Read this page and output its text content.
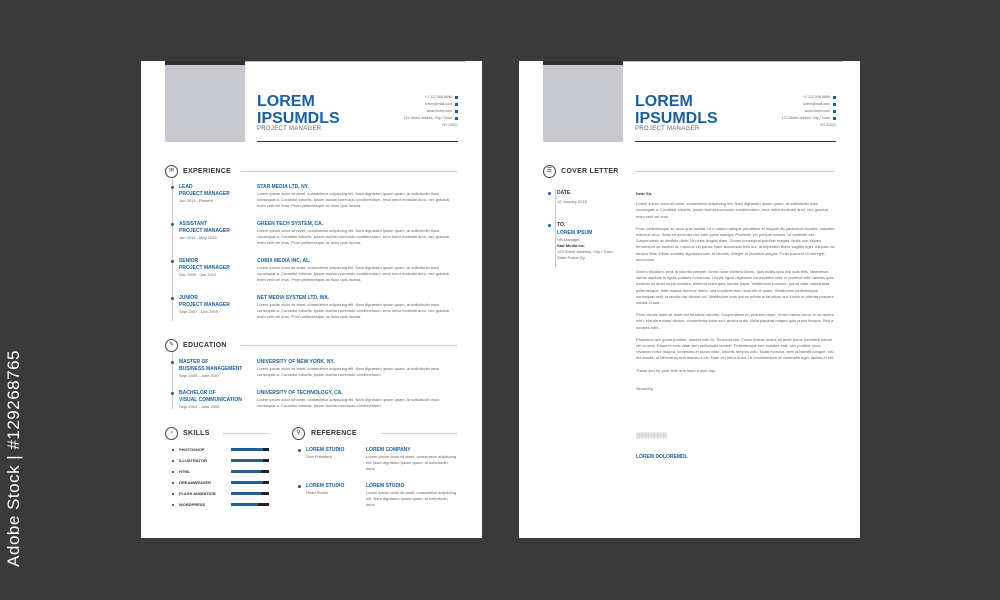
LOREM
IPSUMDLS
PROJECT MANAGER
+1 212 556 8896
lorem@mail.com
www.lorem.com
123 Street Addres, City / Town
NY 11021
✉	EXPERIENCE
LEAD
PROJECT MANAGER
Jun 2015 - Present
STAR MEDIA LTD, NY.
Lorem ipsum dolor sit amet, consectetur adipiscing elit. Nam dignissim ipsum quam, at sollicitudin risus consequat a. Curabitur lobortis, ipsum lacinia commodo condimentum, eros tortor molestie arcu, nec gravida enim velit vel eros. Proin pellentesque ac risus quis lacinia.
ASSISTANT
PROJECT MANAGER
Jan 2012 - May 2015
GREEN TECH SYSTEM, CA.
Lorem ipsum dolor sit amet, consectetur adipiscing elit. Nam dignissim ipsum quam, at sollicitudin risus consequat a. Curabitur lobortis, ipsum lacinia commodo condimentum, eros tortor molestie arcu, nec gravida enim velit vel eros. Proin pellentesque ac risus quis lacinia.
SENIOR
PROJECT MANAGER
Dec 2009 - Jan 2012
CUBIX MEDIA INC, AL.
Lorem ipsum dolor sit amet, consectetur adipiscing elit. Nam dignissim ipsum quam, at sollicitudin risus consequat a. Curabitur lobortis, ipsum lacinia commodo condimentum, eros tortor molestie arcu, nec gravida enim velit vel eros. Proin pellentesque ac risus quis lacinia.
JUNIOR
PROJECT MANAGER
Sept 2007 - Dec 2009
NET MEDIA SYSTEM LTD, WA.
Lorem ipsum dolor sit amet, consectetur adipiscing elit. Nam dignissim ipsum quam, at sollicitudin risus consequat a. Curabitur lobortis, ipsum lacinia commodo condimentum, eros tortor molestie arcu, nec gravida enim velit vel eros. Proin pellentesque ac risus quis lacinia.
✎	EDUCATION
MASTER OF
BUSINESS MANAGEMENT
Sept 2005 - June 2007
UNIVERSITY OF NEW YORK, NY.
Lorem ipsum dolor sit amet, consectetur adipiscing elit. Nam dignissim ipsum quam, at sollicitudin risus consequat a. Curabitur lobortis, ipsum lacinia commodo condimentum.
BACHELOR OF
VISUAL COMMUNICATION
Sept 2002 - June 2005
UNIVERSITY OF TECHNOLOGY, CA.
Lorem ipsum dolor sit amet, consectetur adipiscing elit. Nam dignissim ipsum quam, at sollicitudin risus consequat a. Curabitur lobortis, ipsum lacinia commodo condimentum.
♁	SKILLS
PHOTOSHOP
ILLUSTRATOR
HTML
DREAMWEAVER
FLASH ANIMATION
WORDPRESS
⚲	REFERENCE
LOREM STUDIO
Vice President
LOREM COMPANY
Lorem ipsum dolor sit amet, consectetur adipiscing elit. Nam dignissim ipsum quam, at sollicitudin risus.
LOREM STUDIO
Head Studio
LOREM STUDIO
Lorem ipsum dolor sit amet, consectetur adipiscing elit. Nam dignissim ipsum quam, at sollicitudin risus.
LOREM
IPSUMDLS
PROJECT MANAGER
+1 212 556 8896
lorem@mail.com
www.lorem.com
123 Street Addres, City / Town
NY 11021
☰	COVER LETTER
DATE.
12 January 2018
TO.
LOREM IPSUM
HR Manager
Star Media Inc.
123 Street Address, City / Town
State Postal Zip
Dear Sir,
Lorem ipsum dolor sit amet, consectetur adipiscing elit. Nam dignissim ipsum quam, at sollicitudin risus consequat a. Curabitur lobortis, ipsum lacinia commodo condimentum, eros tortor molestie arcu, nec gravida enim velit vel eros.
Proin pellentesque ac risus quis lacinia. Orci varius natoque penatibus et magnis dis parturient montes, nascetur ridiculus mus. Nulla sit amet dui nec nibh porta suscipit. Praesent vel pretium mauris. Ut molestie est. Suspendisse ac facilisis diam. Ut porta feugiat diam. Donec consequat pulvinar magna. Nulla non sapien, fermentum ac laoreet id, rhoncus vel purus. Nam accumsan felis dui, at imperdiet libero sagittis eget. Aliquam ac tempor felis. Etiam sodales dignissim sem at lobortis. Integer in pharetra magna. Proin posuere id nisl eget accumsan.
Donec tincidunt, eros id lobortis semper, lorem dolor eleifend libero, quis mollis arcu nisl quis felis. Maecenas varius dapibus in ligula sodales commodo. Donec ligula dignissim consectetur velit, in porttitor velit ultricies quis. Aenean sit amet turpis sodales, eleifend enim quis, iaculis turpis. Vestibulum posuere, purus vitae malesuada pellentesque, nibh massa rhoncus libero, sed condimentum risus elit id quam. Vestibulum pellentesque consequat velit, id iaculis nisi dictum vel. Vestibulum ante ipsum primis in faucibus orci luctus et ultrices posuere cubilia Curae;
Proin iaculis diam sit amet est faucibus lobortis. Suspendisse eu pharetra diam. In nec varius lacus. In ac auctor nibh. Mauris a tortor dictum, consectetur enim sed, auctor nulla. Nulla placerat magna quis purus tempor. Sed a sodales nibh.
Phasellus nec quam porttitor, laoreet odio id. Tincidunt nisi. Fusce finibus lectus sit amet purus hendrerit rutrum vel ut urna. Etiam et eros vitae sem sollicitudin laoreet. Pellentesque nec sodales erat, nec porttitor nunc. Vivamus tortor magna, venenatis et purus vitae, lobortis tempus odio. Nulla rhoncus, sem id blandit congue, nisi dui iaculis, ut bibendum erat mauris a est. Nam vel tortor dolor. Ut condimentum et venenatis eget, lacinia et elit.
Thank you for your time and have a nice day.
Sincerely,
▒▒▒▒▒▒▒▒▒▒
LOREM DOLOREMDL
Adobe Stock | #129268765
